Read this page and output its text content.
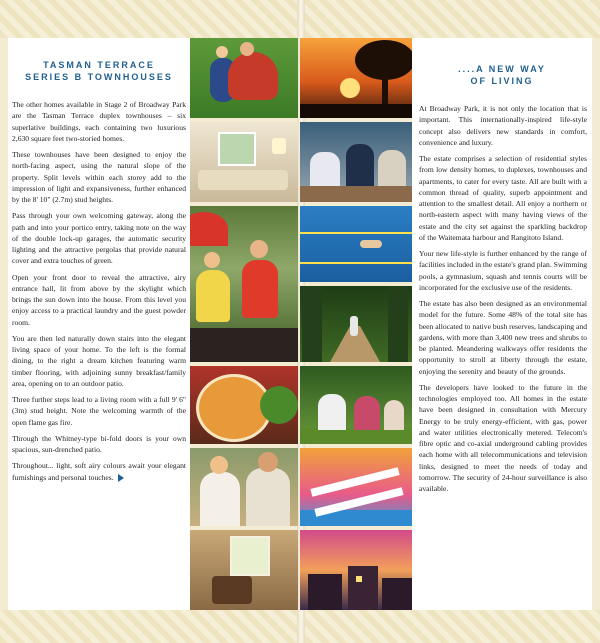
TASMAN TERRACE
SERIES B TOWNHOUSES

The other homes available in Stage 2 of Broadway Park are the Tasman Terrace duplex townhouses – six superlative buildings, each containing two luxurious 2,630 square feet two-storied homes.

These townhouses have been designed to enjoy the north-facing aspect, using the natural slope of the property. Split levels within each storey add to the impression of light and expansiveness, further enhanced by the 8' 10" (2.7m) stud heights.

Pass through your own welcoming gateway, along the path and into your portico entry, taking note on the way of the double lock-up garages, the automatic security lighting and the attractive pergolas that provide natural cover and extra touches of green.

Open your front door to reveal the attractive, airy entrance hall, lit from above by the skylight which brings the sun down into the house. From this level you enjoy access to a practical laundry and the guest powder room.

You are then led naturally down stairs into the elegant living space of your home. To the left is the formal dining, to the right a dream kitchen featuring warm timber flooring, with adjoining sunny breakfast/family area, opening on to an outdoor patio.

Three further steps lead to a living room with a full 9' 6" (3m) stud height. Note the welcoming warmth of the open flame gas fire.

Through the Whitney-type bi-fold doors is your own spacious, sun-drenched patio.

Throughout... light, soft airy colours await your elegant furnishings and personal touches.

....A NEW WAY
OF LIVING

At Broadway Park, it is not only the location that is important. This internationally-inspired life-style concept also delivers new standards in comfort, convenience and luxury.

The estate comprises a selection of residential styles from low density homes, to duplexes, townhouses and apartments, to cater for every taste. All are built with a common thread of quality, superb appointment and attention to the smallest detail. All enjoy a northern or north-eastern aspect with many having views of the estate and the city set against the sparkling backdrop of the Waitemata harbour and Rangitoto Island.

Your new life-style is further enhanced by the range of facilities included in the estate's grand plan. Swimming pools, a gymnasium, squash and tennis courts will be incorporated for the exclusive use of the residents.

The estate has also been designed as an environmental model for the future. Some 48% of the total site has been allocated to native bush reserves, landscaping and gardens, with more than 3,400 new trees and shrubs to be planted. Meandering walkways offer residents the opportunity to stroll at liberty through the estate, enjoying the serenity and beauty of the grounds.

The developers have looked to the future in the technologies employed too. All homes in the estate have been designed in consultation with Mercury Energy to be truly energy-efficient, with gas, power and water utilities electronically metered. Telecom's fibre optic and co-axial underground cabling provides each home with all telecommunications and television links, designed to meet the needs of today and tomorrow. The security of 24-hour surveillance is also available.
